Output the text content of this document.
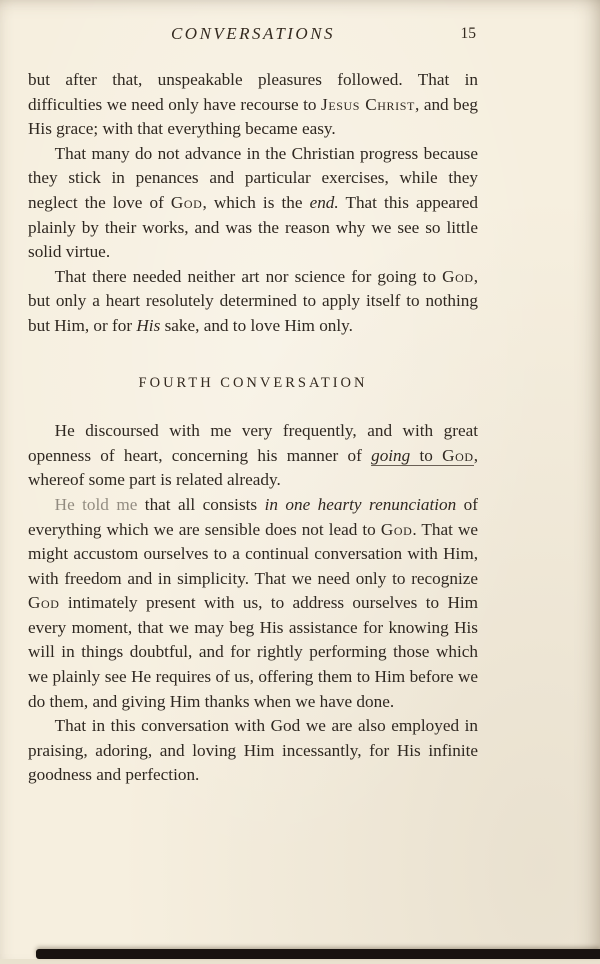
CONVERSATIONS	15

but after that, unspeakable pleasures followed. That in difficulties we need only have recourse to Jesus Christ, and beg His grace; with that everything became easy.

That many do not advance in the Christian progress because they stick in penances and particular exercises, while they neglect the love of God, which is the end. That this appeared plainly by their works, and was the reason why we see so little solid virtue.

That there needed neither art nor science for going to God, but only a heart resolutely determined to apply itself to nothing but Him, or for His sake, and to love Him only.

FOURTH CONVERSATION

He discoursed with me very frequently, and with great openness of heart, concerning his manner of going to God, whereof some part is related already.

He told me that all consists in one hearty renunciation of everything which we are sensible does not lead to God. That we might accustom ourselves to a continual conversation with Him, with freedom and in simplicity. That we need only to recognize God intimately present with us, to address ourselves to Him every moment, that we may beg His assistance for knowing His will in things doubtful, and for rightly performing those which we plainly see He requires of us, offering them to Him before we do them, and giving Him thanks when we have done.

That in this conversation with God we are also employed in praising, adoring, and loving Him incessantly, for His infinite goodness and perfection.
